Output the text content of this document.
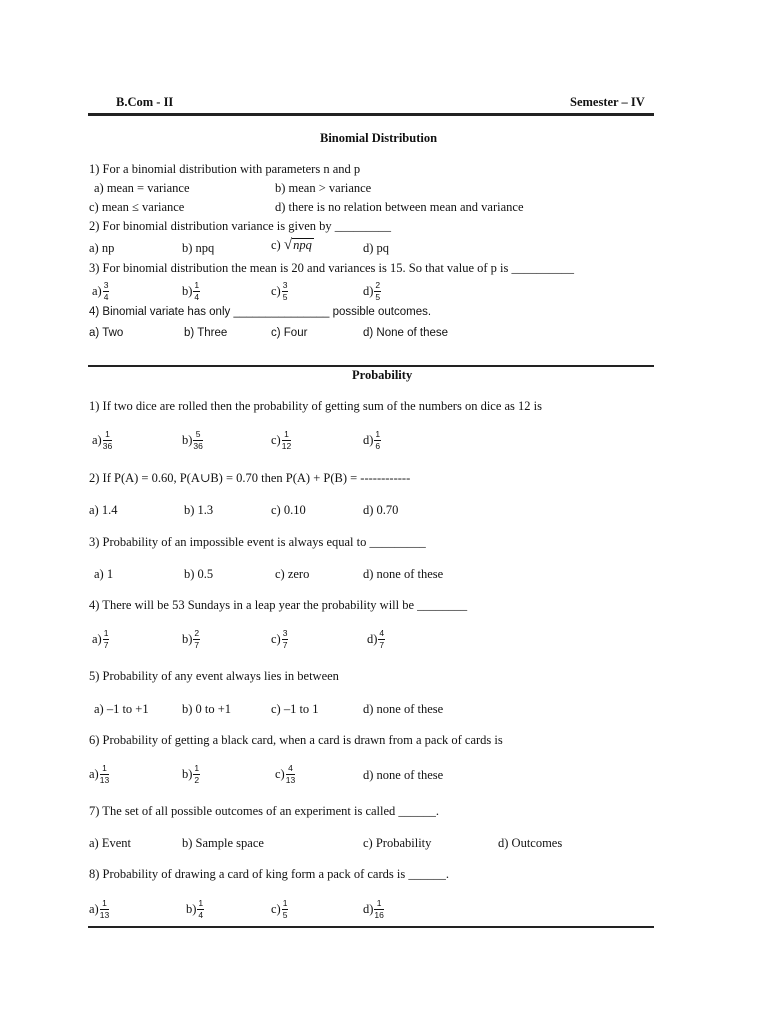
B.Com - II	Semester – IV
Binomial Distribution
1) For a binomial distribution with parameters n and p
a) mean = variance	b) mean > variance
c) mean ≤ variance	d) there is no relation between mean and variance
2) For binomial distribution variance is given by _________
a) np	b) npq	c) √npq	d) pq
3) For binomial distribution the mean is 20 and variances is 15. So that value of p is __________
$a) \frac{3}{4}$	$b) \frac{1}{4}$	$c) \frac{3}{5}$	$d) \frac{2}{5}$
4) Binomial variate has only _______________ possible outcomes.
a) Two	b) Three	c) Four	d) None of these
Probability
1) If two dice are rolled then the probability of getting sum of the numbers on dice as 12 is
$a) \frac{1}{36}$	$b) \frac{5}{36}$	$c) \frac{1}{12}$	$d) \frac{1}{6}$
2) If P(A) = 0.60, P(A∪B) = 0.70 then P(A) + P(B) = ------------
a) 1.4	b) 1.3	c) 0.10	d) 0.70
3) Probability of an impossible event is always equal to _________
a) 1	b) 0.5	c) zero	d) none of these
4) There will be 53 Sundays in a leap year the probability will be ________
$a) \frac{1}{7}$	$b) \frac{2}{7}$	$c) \frac{3}{7}$	$d) \frac{4}{7}$
5) Probability of any event always lies in between
a) –1 to +1	b) 0 to +1	c) –1 to 1	d) none of these
6) Probability of getting a black card, when a card is drawn from a pack of cards is
$a) \frac{1}{13}$	$b) \frac{1}{2}$	$c) \frac{4}{13}$	d) none of these
7) The set of all possible outcomes of an experiment is called ______.
a) Event	b) Sample space	c) Probability	d) Outcomes
8) Probability of drawing a card of king form a pack of cards is ______.
$a) \frac{1}{13}$	$b) \frac{1}{4}$	$c) \frac{1}{5}$	$d) \frac{1}{16}$
